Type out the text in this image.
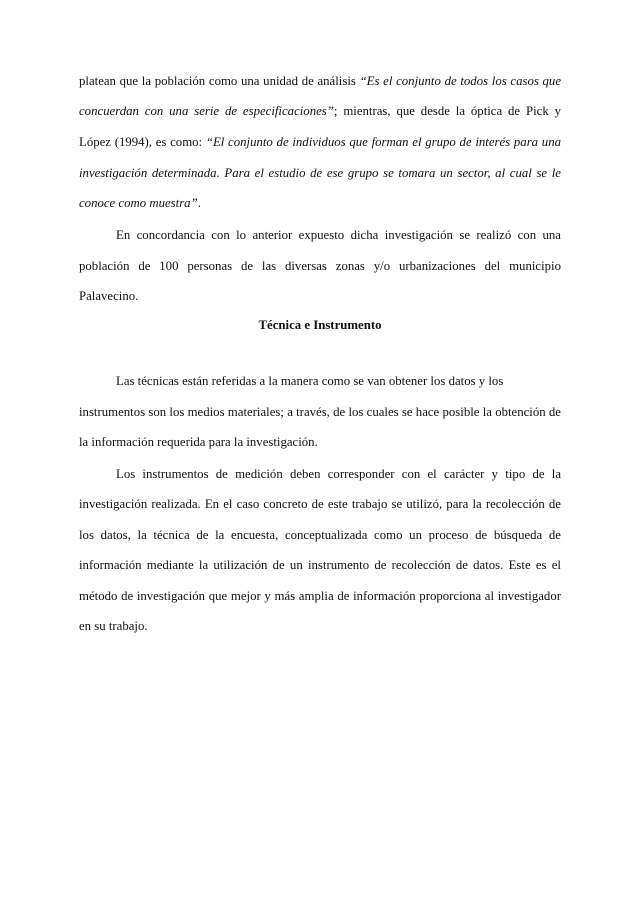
platean que la población como una unidad de análisis “Es el conjunto de todos los casos que
concuerdan con una serie de especificaciones”; mientras, que desde la óptica de Pick y
López (1994), es como: “El conjunto de individuos que forman el grupo de interés para una
investigación determinada. Para el estudio de ese grupo se tomara un sector, al cual se le
conoce como muestra”.
En concordancia con lo anterior expuesto dicha investigación se realizó con una
población de 100 personas de las diversas zonas y/o urbanizaciones del municipio
Palavecino.
Técnica e Instrumento
Las técnicas están referidas a la manera como se van obtener los datos y los
instrumentos son los medios materiales; a través, de los cuales se hace posible la obtención de
la información requerida para la investigación.
Los instrumentos de medición deben corresponder con el carácter y tipo de la
investigación realizada. En el caso concreto de este trabajo se utilizó, para la recolección de
los datos, la técnica de la encuesta, conceptualizada como un proceso de búsqueda de
información mediante la utilización de un instrumento de recolección de datos. Este es el
método de investigación que mejor y más amplia de información proporciona al investigador
en su trabajo.
